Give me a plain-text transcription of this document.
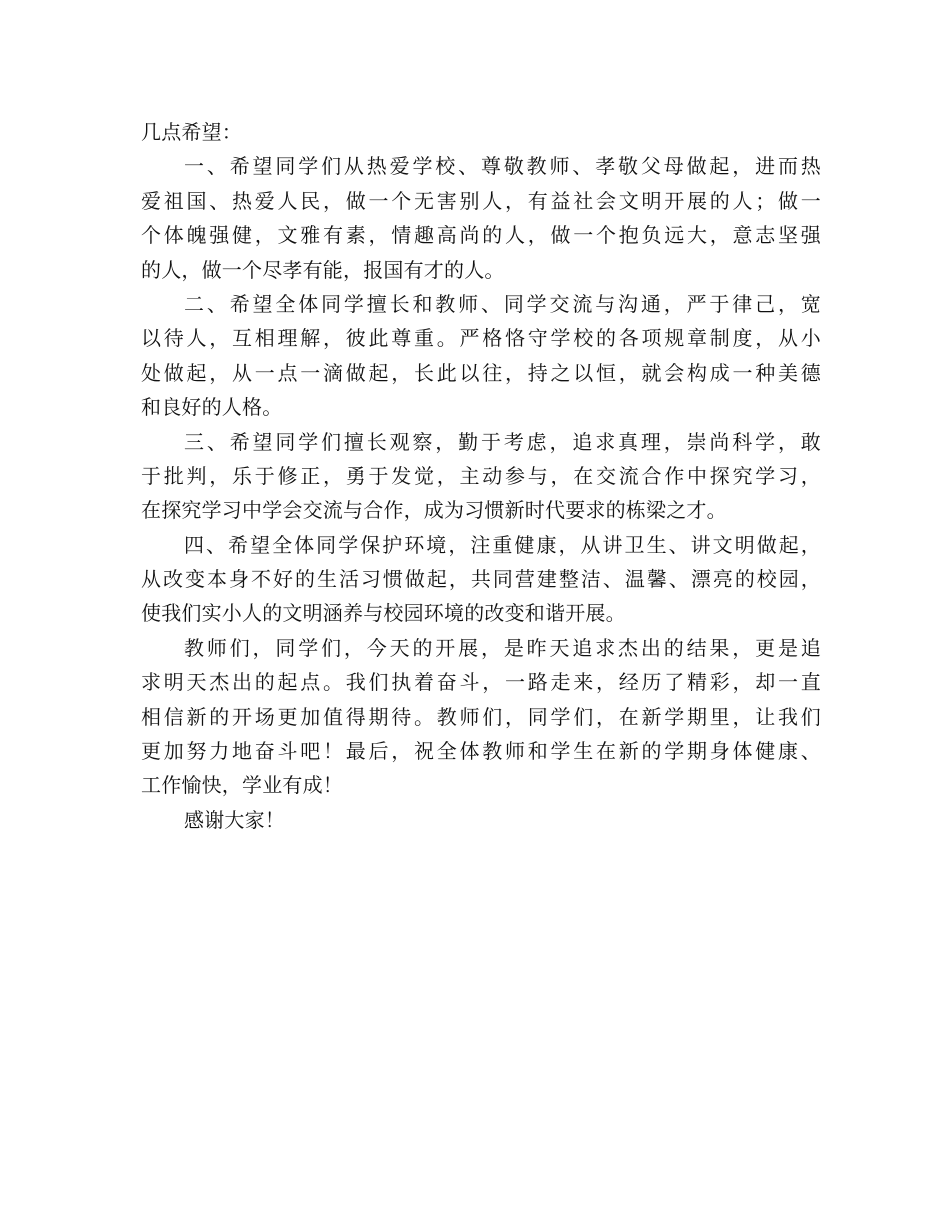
几点希望：
一、希望同学们从热爱学校、尊敬教师、孝敬父母做起，进而热
爱祖国、热爱人民，做一个无害别人，有益社会文明开展的人；做一
个体魄强健，文雅有素，情趣高尚的人，做一个抱负远大，意志坚强
的人，做一个尽孝有能，报国有才的人。
二、希望全体同学擅长和教师、同学交流与沟通，严于律己，宽
以待人，互相理解，彼此尊重。严格恪守学校的各项规章制度，从小
处做起，从一点一滴做起，长此以往，持之以恒，就会构成一种美德
和良好的人格。
三、希望同学们擅长观察，勤于考虑，追求真理，崇尚科学，敢
于批判，乐于修正，勇于发觉，主动参与，在交流合作中探究学习，
在探究学习中学会交流与合作，成为习惯新时代要求的栋梁之才。
四、希望全体同学保护环境，注重健康，从讲卫生、讲文明做起，
从改变本身不好的生活习惯做起，共同营建整洁、温馨、漂亮的校园，
使我们实小人的文明涵养与校园环境的改变和谐开展。
教师们，同学们，今天的开展，是昨天追求杰出的结果，更是追
求明天杰出的起点。我们执着奋斗，一路走来，经历了精彩，却一直
相信新的开场更加值得期待。教师们，同学们，在新学期里，让我们
更加努力地奋斗吧！最后，祝全体教师和学生在新的学期身体健康、
工作愉快，学业有成！
感谢大家！
